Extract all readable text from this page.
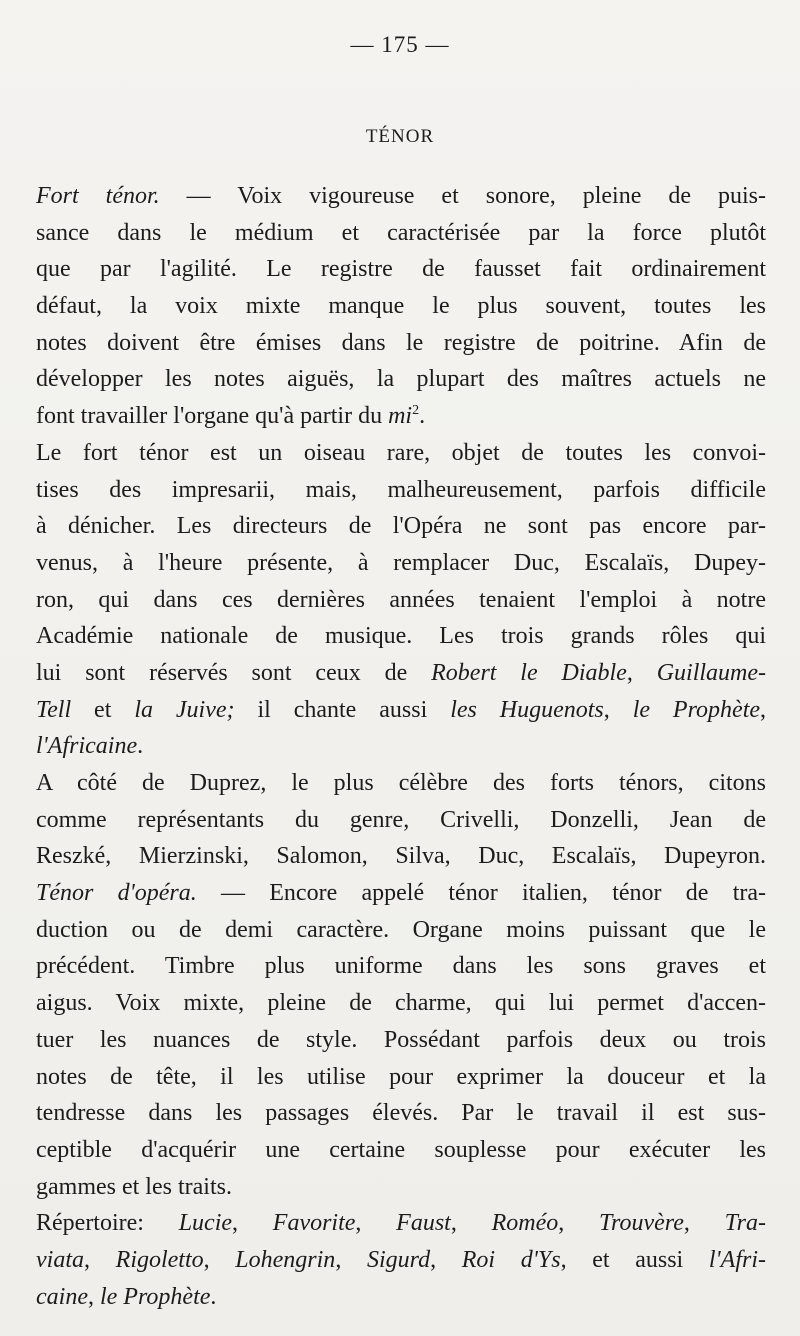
— 175 —
TÉNOR
Fort ténor. — Voix vigoureuse et sonore, pleine de puis-
sance dans le médium et caractérisée par la force plutôt
que par l'agilité. Le registre de fausset fait ordinairement
défaut, la voix mixte manque le plus souvent, toutes les
notes doivent être émises dans le registre de poitrine. Afin de
développer les notes aiguës, la plupart des maîtres actuels ne
font travailler l'organe qu'à partir du $mi^2$.
Le fort ténor est un oiseau rare, objet de toutes les convoi-
tises des impresarii, mais, malheureusement, parfois difficile
à dénicher. Les directeurs de l'Opéra ne sont pas encore par-
venus, à l'heure présente, à remplacer Duc, Escalaïs, Dupey-
ron, qui dans ces dernières années tenaient l'emploi à notre
Académie nationale de musique. Les trois grands rôles qui
lui sont réservés sont ceux de Robert le Diable, Guillaume-
Tell et la Juive; il chante aussi les Huguenots, le Prophète,
l'Africaine.
A côté de Duprez, le plus célèbre des forts ténors, citons
comme représentants du genre, Crivelli, Donzelli, Jean de
Reszké, Mierzinski, Salomon, Silva, Duc, Escalaïs, Dupeyron.
Ténor d'opéra. — Encore appelé ténor italien, ténor de tra-
duction ou de demi caractère. Organe moins puissant que le
précédent. Timbre plus uniforme dans les sons graves et
aigus. Voix mixte, pleine de charme, qui lui permet d'accen-
tuer les nuances de style. Possédant parfois deux ou trois
notes de tête, il les utilise pour exprimer la douceur et la
tendresse dans les passages élevés. Par le travail il est sus-
ceptible d'acquérir une certaine souplesse pour exécuter les
gammes et les traits.
Répertoire: Lucie, Favorite, Faust, Roméo, Trouvère, Tra-
viata, Rigoletto, Lohengrin, Sigurd, Roi d'Ys, et aussi l'Afri-
caine, le Prophète.
